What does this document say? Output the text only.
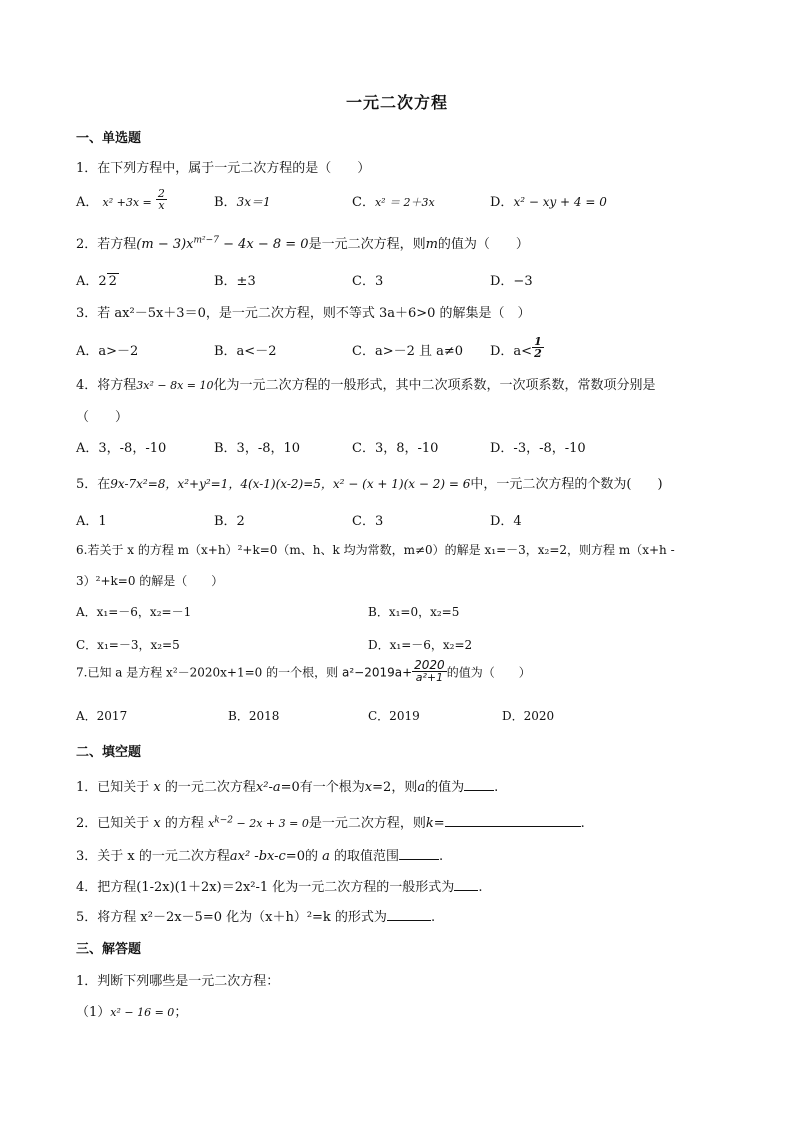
一元二次方程
一、单选题
1．在下列方程中，属于一元二次方程的是（　　）
A． $x^2 +3x = \frac{2}{x}$	B．3x＝1	C．x² ＝ 2＋3x	D．x² − xy + 4 = 0
2．若方程$(m - 3)x^{m^2-7} - 4x - 8 = 0$是一元二次方程，则m的值为（　　）
A．2 2	B．±3	C．3	D．−3
3．若 ax²－5x＋3＝0，是一元二次方程，则不等式 3a＋6>0 的解集是（　）
A．a>－2	B．a<－2	C．a>－2 且 a≠0 D．$a< \frac{1}{2}$
4．将方程3x² − 8x = 10化为一元二次方程的一般形式，其中二次项系数，一次项系数，常数项分别是
（　　）
A．3，-8，-10	B．3，-8，10	C．3，8，-10	D．-3，-8，-10
5．在9x-7x²=8，x²+y²=1，4(x-1)(x-2)=5，x² − (x + 1)(x − 2) = 6中，一元二次方程的个数为(　　)
A．1	B．2	C．3	D．4
6.若关于 x 的方程 m（x+h）²+k=0（m、h、k 均为常数，m≠0）的解是 x₁=－3，x₂=2，则方程 m（x+h -
3）²+k=0 的解是（　　）
A．x₁=－6，x₂=－1	B．x₁=0，x₂=5
C．x₁=－3，x₂=5	D．x₁=－6，x₂=2
7.已知 a 是方程 x²－2020x+1=0 的一个根，则 $a^2-2019a+ \frac{2020}{\text{a²+1}}$ 的值为（　　）
A．2017	B．2018	C．2019	D．2020
二、填空题
1．已知关于 x 的一元二次方程x²-a=0有一个根为x=2，则a的值为 .
2．已知关于 x 的方程 $x^{k-2} - 2x + 3 = 0$是一元二次方程，则k=	.
3．关于 x 的一元二次方程ax² -bx-c=0的 a 的取值范围	.
4．把方程(1-2x)(1＋2x)＝2x²-1 化为一元二次方程的一般形式为 .
5．将方程 x²－2x－5=0 化为（x＋h）²=k 的形式为	.
三、解答题
1．判断下列哪些是一元二次方程：
（1）x² − 16 = 0；
